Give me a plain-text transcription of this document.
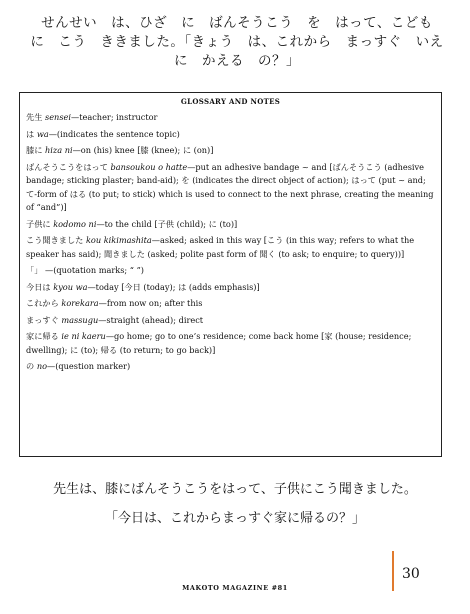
せんせい　は、ひざ　に　ばんそうこう　を　はって、こども　に　こう　ききました。「きょう　は、これから　まっすぐ　いえ　に　かえる　の？」
GLOSSARY AND NOTES
先生 sensei—teacher; instructor
は wa—(indicates the sentence topic)
膝に hiza ni—on (his) knee [膝 (knee); に (on)]
ばんそうこうをはって bansoukou o hatte—put an adhesive bandage ~ and [ばんそうこう (adhesive bandage; sticking plaster; band-aid); を (indicates the direct object of action); はって (put ~ and; て-form of はる (to put; to stick) which is used to connect to the next phrase, creating the meaning of “and”)]
子供に kodomo ni—to the child [子供 (child); に (to)]
こう聞きました kou kikimashita—asked; asked in this way [こう (in this way; refers to what the speaker has said); 聞きました (asked; polite past form of 聞く (to ask; to enquire; to query))]
「」 —(quotation marks; “ ”)
今日は kyou wa—today [今日 (today); は (adds emphasis)]
これから korekara—from now on; after this
まっすぐ massugu—straight (ahead); direct
家に帰る ie ni kaeru—go home; go to one’s residence; come back home [家 (house; residence; dwelling); に (to); 帰る (to return; to go back)]
の no—(question marker)
先生は、膝にばんそうこうをはって、子供にこう聞きました。
「今日は、これからまっすぐ家に帰るの？」
MAKOTO MAGAZINE #81
30
